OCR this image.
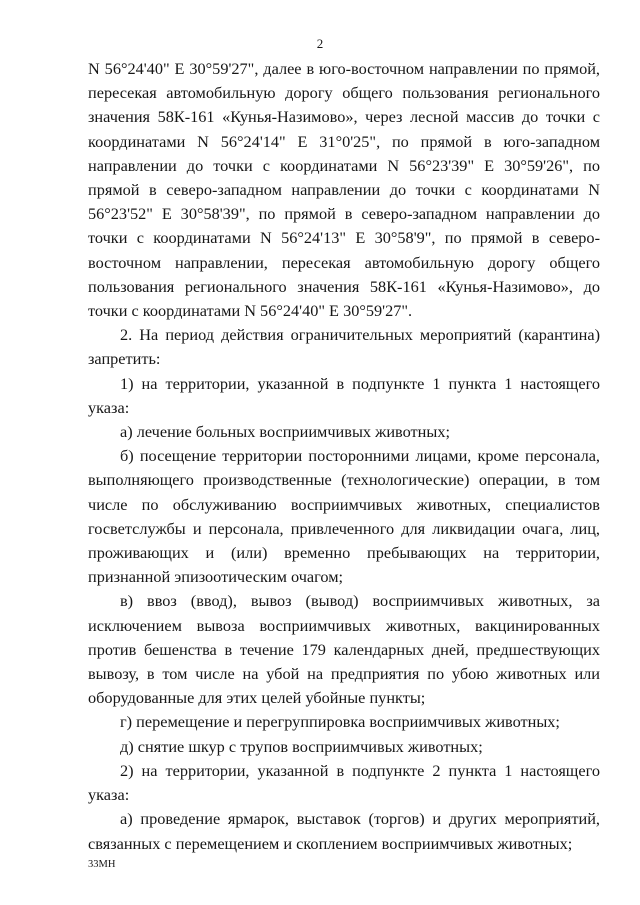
2

N 56°24'40" E 30°59'27", далее в юго-восточном направлении по прямой, пересекая автомобильную дорогу общего пользования регионального значения 58К-161 «Кунья-Назимово», через лесной массив до точки с координатами N 56°24'14" E 31°0'25", по прямой в юго-западном направлении до точки с координатами N 56°23'39" E 30°59'26", по прямой в северо-западном направлении до точки с координатами N 56°23'52" E 30°58'39", по прямой в северо-западном направлении до точки с координатами N 56°24'13" E 30°58'9", по прямой в северо-восточном направлении, пересекая автомобильную дорогу общего пользования регионального значения 58К-161 «Кунья-Назимово», до точки с координатами N 56°24'40" E 30°59'27".

2. На период действия ограничительных мероприятий (карантина) запретить:

1) на территории, указанной в подпункте 1 пункта 1 настоящего указа:

а) лечение больных восприимчивых животных;

б) посещение территории посторонними лицами, кроме персонала, выполняющего производственные (технологические) операции, в том числе по обслуживанию восприимчивых животных, специалистов госветслужбы и персонала, привлеченного для ликвидации очага, лиц, проживающих и (или) временно пребывающих на территории, признанной эпизоотическим очагом;

в) ввоз (ввод), вывоз (вывод) восприимчивых животных, за исключением вывоза восприимчивых животных, вакцинированных против бешенства в течение 179 календарных дней, предшествующих вывозу, в том числе на убой на предприятия по убою животных или оборудованные для этих целей убойные пункты;

г) перемещение и перегруппировка восприимчивых животных;

д) снятие шкур с трупов восприимчивых животных;

2) на территории, указанной в подпункте 2 пункта 1 настоящего указа:

а) проведение ярмарок, выставок (торгов) и других мероприятий, связанных с перемещением и скоплением восприимчивых животных;

33МН
